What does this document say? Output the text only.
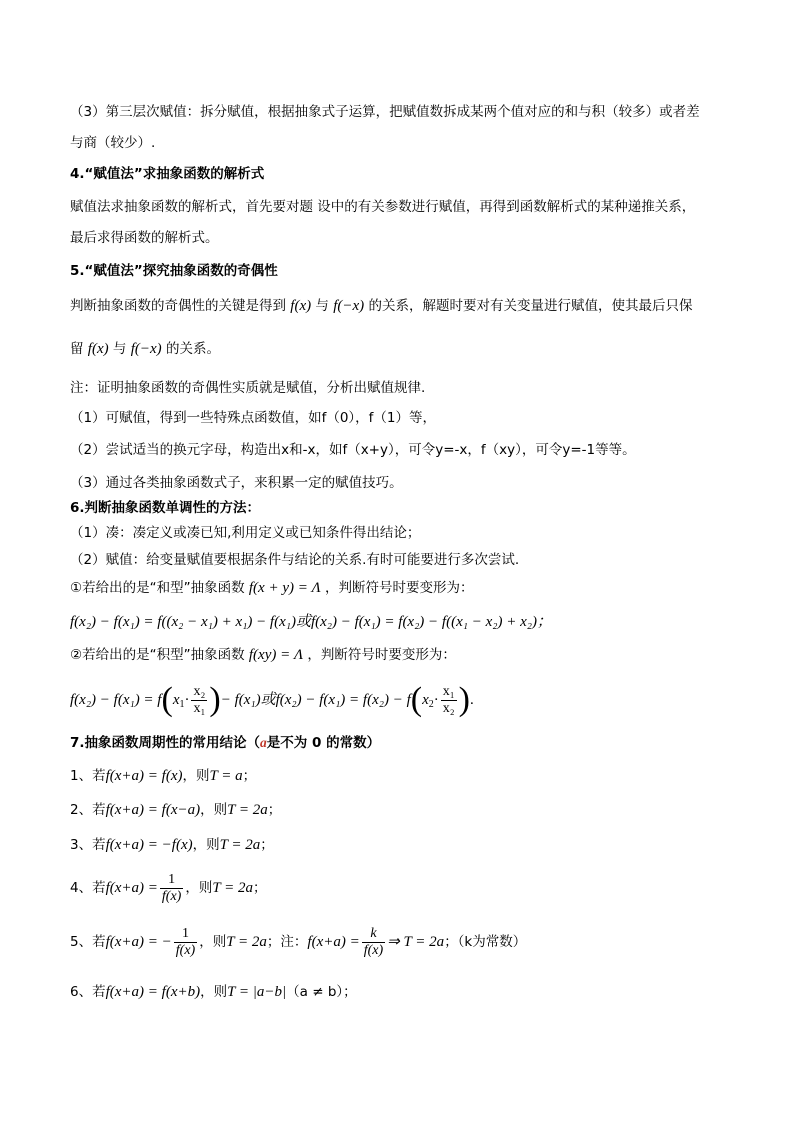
（3）第三层次赋值：拆分赋值，根据抽象式子运算，把赋值数拆成某两个值对应的和与积（较多）或者差
与商（较少）.
4.“赋值法”求抽象函数的解析式
赋值法求抽象函数的解析式，首先要对题 设中的有关参数进行赋值，再得到函数解析式的某种递推关系，
最后求得函数的解析式。
5.“赋值法”探究抽象函数的奇偶性
判断抽象函数的奇偶性的关键是得到 f(x) 与 f(−x) 的关系，解题时要对有关变量进行赋值，使其最后只保
留 f(x) 与 f(−x) 的关系。
注：证明抽象函数的奇偶性实质就是赋值，分析出赋值规律.
（1）可赋值，得到一些特殊点函数值，如f（0），f（1）等，
（2）尝试适当的换元字母，构造出x和-x，如f（x+y），可令y=-x，f（xy），可令y=-1等等。
（3）通过各类抽象函数式子，来积累一定的赋值技巧。
6.判断抽象函数单调性的方法：
（1）凑：凑定义或凑已知,利用定义或已知条件得出结论；
（2）赋值：给变量赋值要根据条件与结论的关系.有时可能要进行多次尝试.
①若给出的是“和型”抽象函数 f(x + y) = Λ ，判断符号时要变形为：
f(x₂) − f(x₁) = f((x₂ − x₁) + x₁) − f(x₁)或f(x₂) − f(x₁) = f(x₂) − f((x₁ − x₂) + x₂)；
②若给出的是“积型”抽象函数 f(xy) = Λ ，判断符号时要变形为：
$f(x_2) - f(x_1) = f(x_1\cdot \frac{\text{x₂}}{\text{x₁}}$ )− f(x₁)或$f(x_2) - f(x_1) = f(x_2) - f(x_2\cdot \frac{\text{x₁}}{\text{x₂}}$ ).
7.抽象函数周期性的常用结论（a是不为 0 的常数）
1、若f(x+a) = f(x)，则T = a；
2、若f(x+a) = f(x−a)，则T = 2a；
3、若f(x+a) = −f(x)，则T = 2a；
4、若$f(x+a) = \frac{1}{f(x)}$ ，则T = 2a；
5、若f(x+a) = − $\frac{1}{f(x)}$ ，则T = 2a；注：$f(x+a) = \frac{k}{f(x)}$ ⇒ T = 2a；（k为常数）
6、若f(x+a) = f(x+b)，则T = |a−b|（a ≠ b）；
